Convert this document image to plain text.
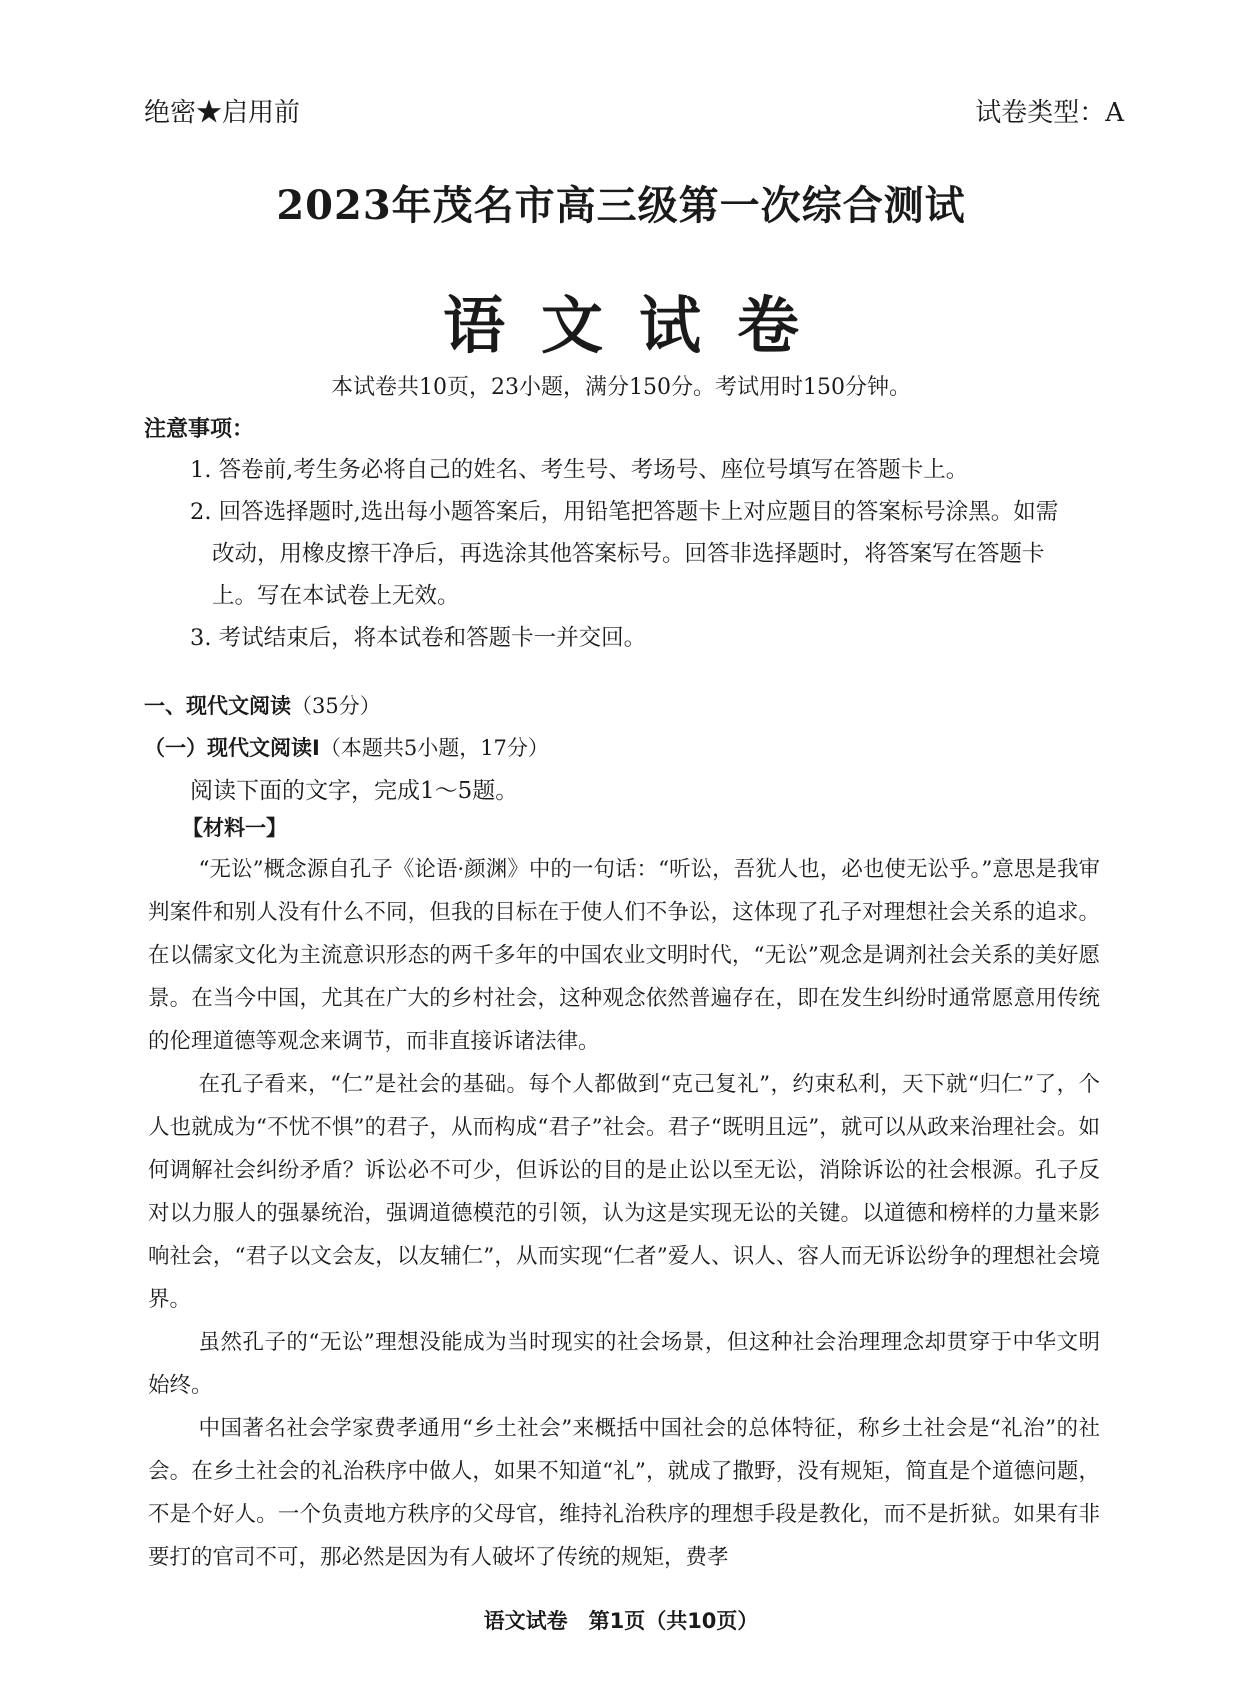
绝密★启用前	试卷类型：A
2023年茂名市高三级第一次综合测试
语文试卷
本试卷共10页，23小题，满分150分。考试用时150分钟。
注意事项：
1. 答卷前,考生务必将自己的姓名、考生号、考场号、座位号填写在答题卡上。
2. 回答选择题时,选出每小题答案后，用铅笔把答题卡上对应题目的答案标号涂黑。如需
改动，用橡皮擦干净后，再选涂其他答案标号。回答非选择题时，将答案写在答题卡
上。写在本试卷上无效。
3. 考试结束后，将本试卷和答题卡一并交回。
一、现代文阅读（35分）
（一）现代文阅读Ⅰ（本题共5小题，17分）
阅读下面的文字，完成1～5题。
【材料一】

“无讼”概念源自孔子《论语·颜渊》中的一句话：“听讼，吾犹人也，必也使无讼乎。”意思是我审判案件和别人没有什么不同，但我的目标在于使人们不争讼，这体现了孔子对理想社会关系的追求。在以儒家文化为主流意识形态的两千多年的中国农业文明时代，“无讼”观念是调剂社会关系的美好愿景。在当今中国，尤其在广大的乡村社会，这种观念依然普遍存在，即在发生纠纷时通常愿意用传统的伦理道德等观念来调节，而非直接诉诸法律。

在孔子看来，“仁”是社会的基础。每个人都做到“克己复礼”，约束私利，天下就“归仁”了，个人也就成为“不忧不惧”的君子，从而构成“君子”社会。君子“既明且远”，就可以从政来治理社会。如何调解社会纠纷矛盾？诉讼必不可少，但诉讼的目的是止讼以至无讼，消除诉讼的社会根源。孔子反对以力服人的强暴统治，强调道德模范的引领，认为这是实现无讼的关键。以道德和榜样的力量来影响社会，“君子以文会友，以友辅仁”，从而实现“仁者”爱人、识人、容人而无诉讼纷争的理想社会境界。

虽然孔子的“无讼”理想没能成为当时现实的社会场景，但这种社会治理理念却贯穿于中华文明始终。

中国著名社会学家费孝通用“乡土社会”来概括中国社会的总体特征，称乡土社会是“礼治”的社会。在乡土社会的礼治秩序中做人，如果不知道“礼”，就成了撒野，没有规矩，简直是个道德问题，不是个好人。一个负责地方秩序的父母官，维持礼治秩序的理想手段是教化，而不是折狱。如果有非要打的官司不可，那必然是因为有人破坏了传统的规矩，费孝

语文试卷　第1页（共10页）
